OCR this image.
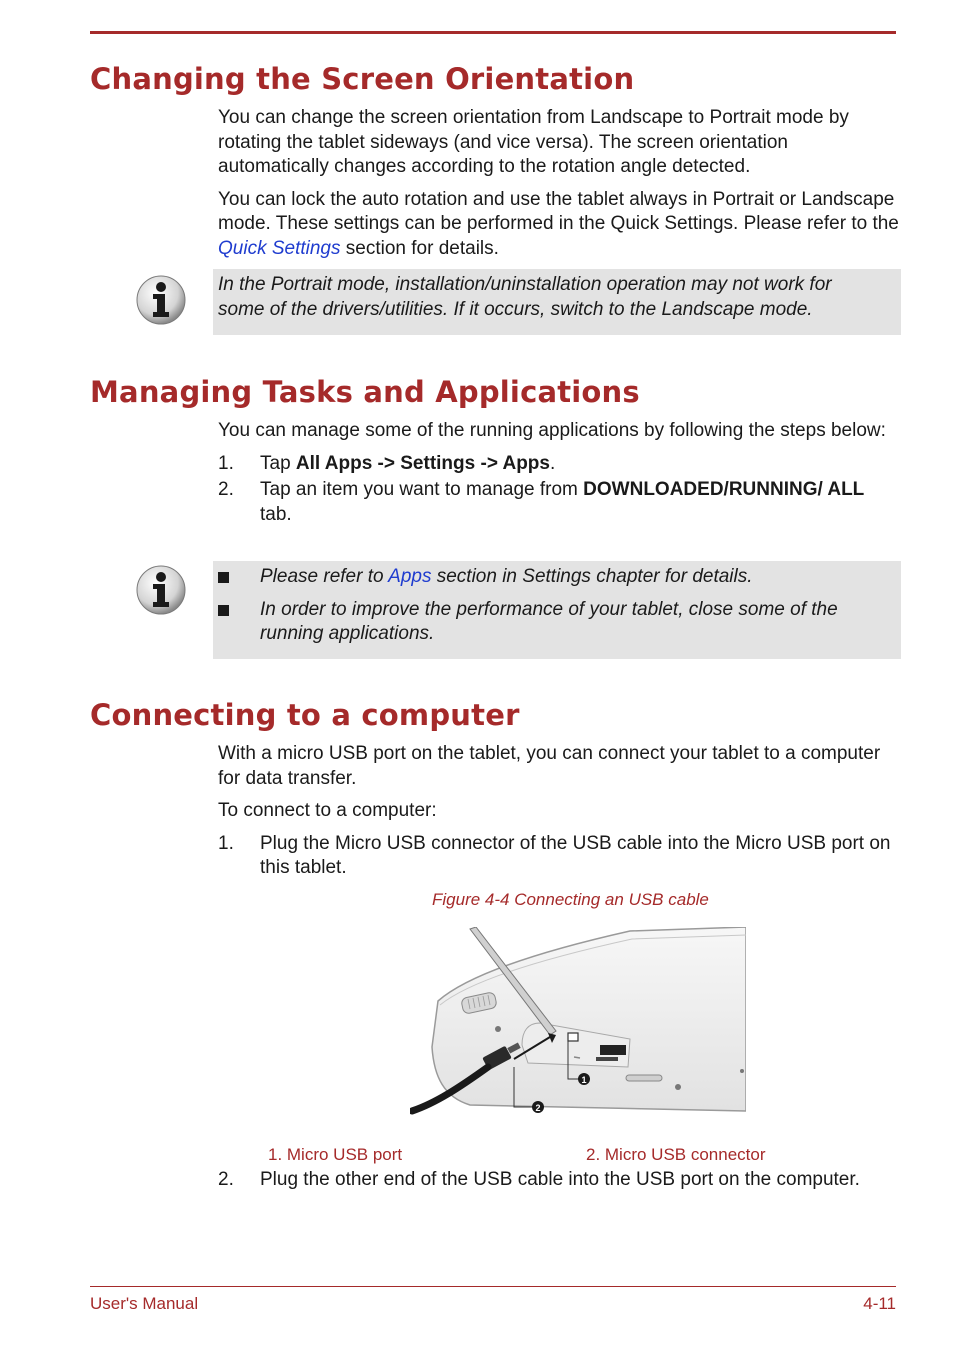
Changing the Screen Orientation

You can change the screen orientation from Landscape to Portrait mode by rotating the tablet sideways (and vice versa). The screen orientation automatically changes according to the rotation angle detected.

You can lock the auto rotation and use the tablet always in Portrait or Landscape mode. These settings can be performed in the Quick Settings. Please refer to the Quick Settings section for details.

In the Portrait mode, installation/uninstallation operation may not work for some of the drivers/utilities. If it occurs, switch to the Landscape mode.
Managing Tasks and Applications

You can manage some of the running applications by following the steps below:

1. Tap All Apps -> Settings -> Apps.
2. Tap an item you want to manage from DOWNLOADED/RUNNING/ ALL tab.
Please refer to Apps section in Settings chapter for details.
In order to improve the performance of your tablet, close some of the running applications.
Connecting to a computer

With a micro USB port on the tablet, you can connect your tablet to a computer for data transfer.

To connect to a computer:

1. Plug the Micro USB connector of the USB cable into the Micro USB port on this tablet.
Figure 4-4 Connecting an USB cable
1
2
1. Micro USB port	2. Micro USB connector
2. Plug the other end of the USB cable into the USB port on the computer.
User's Manual	4-11
